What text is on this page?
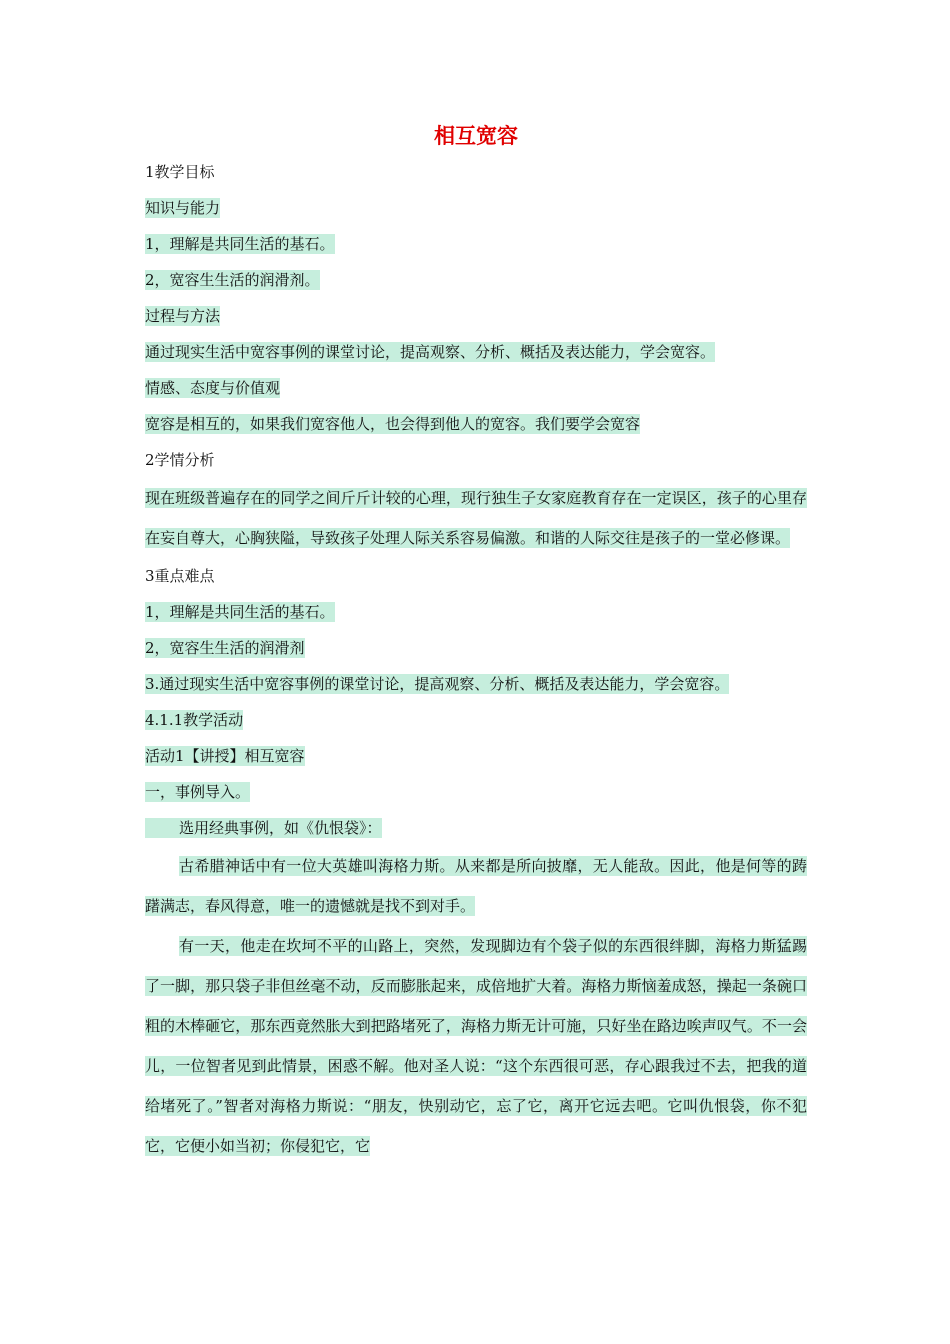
相互宽容
1教学目标
知识与能力
1，理解是共同生活的基石。
2，宽容生生活的润滑剂。
过程与方法
通过现实生活中宽容事例的课堂讨论，提高观察、分析、概括及表达能力，学会宽容。
情感、态度与价值观
宽容是相互的，如果我们宽容他人，也会得到他人的宽容。我们要学会宽容
2学情分析
现在班级普遍存在的同学之间斤斤计较的心理，现行独生子女家庭教育存在一定误区，孩子的心里存在妄自尊大，心胸狭隘，导致孩子处理人际关系容易偏激。和谐的人际交往是孩子的一堂必修课。
3重点难点
1，理解是共同生活的基石。
2，宽容生生活的润滑剂
3.通过现实生活中宽容事例的课堂讨论，提高观察、分析、概括及表达能力，学会宽容。
4.1.1教学活动
活动1【讲授】相互宽容
一，事例导入。
选用经典事例，如《仇恨袋》：
古希腊神话中有一位大英雄叫海格力斯。从来都是所向披靡，无人能敌。因此，他是何等的踌躇满志，春风得意，唯一的遗憾就是找不到对手。
有一天，他走在坎坷不平的山路上，突然，发现脚边有个袋子似的东西很绊脚，海格力斯猛踢了一脚，那只袋子非但丝毫不动，反而膨胀起来，成倍地扩大着。海格力斯恼羞成怒，操起一条碗口粗的木棒砸它，那东西竟然胀大到把路堵死了，海格力斯无计可施，只好坐在路边唉声叹气。不一会儿，一位智者见到此情景，困惑不解。他对圣人说：“这个东西很可恶，存心跟我过不去，把我的道给堵死了。”智者对海格力斯说：“朋友，快别动它，忘了它，离开它远去吧。它叫仇恨袋，你不犯它，它便小如当初；你侵犯它，它
